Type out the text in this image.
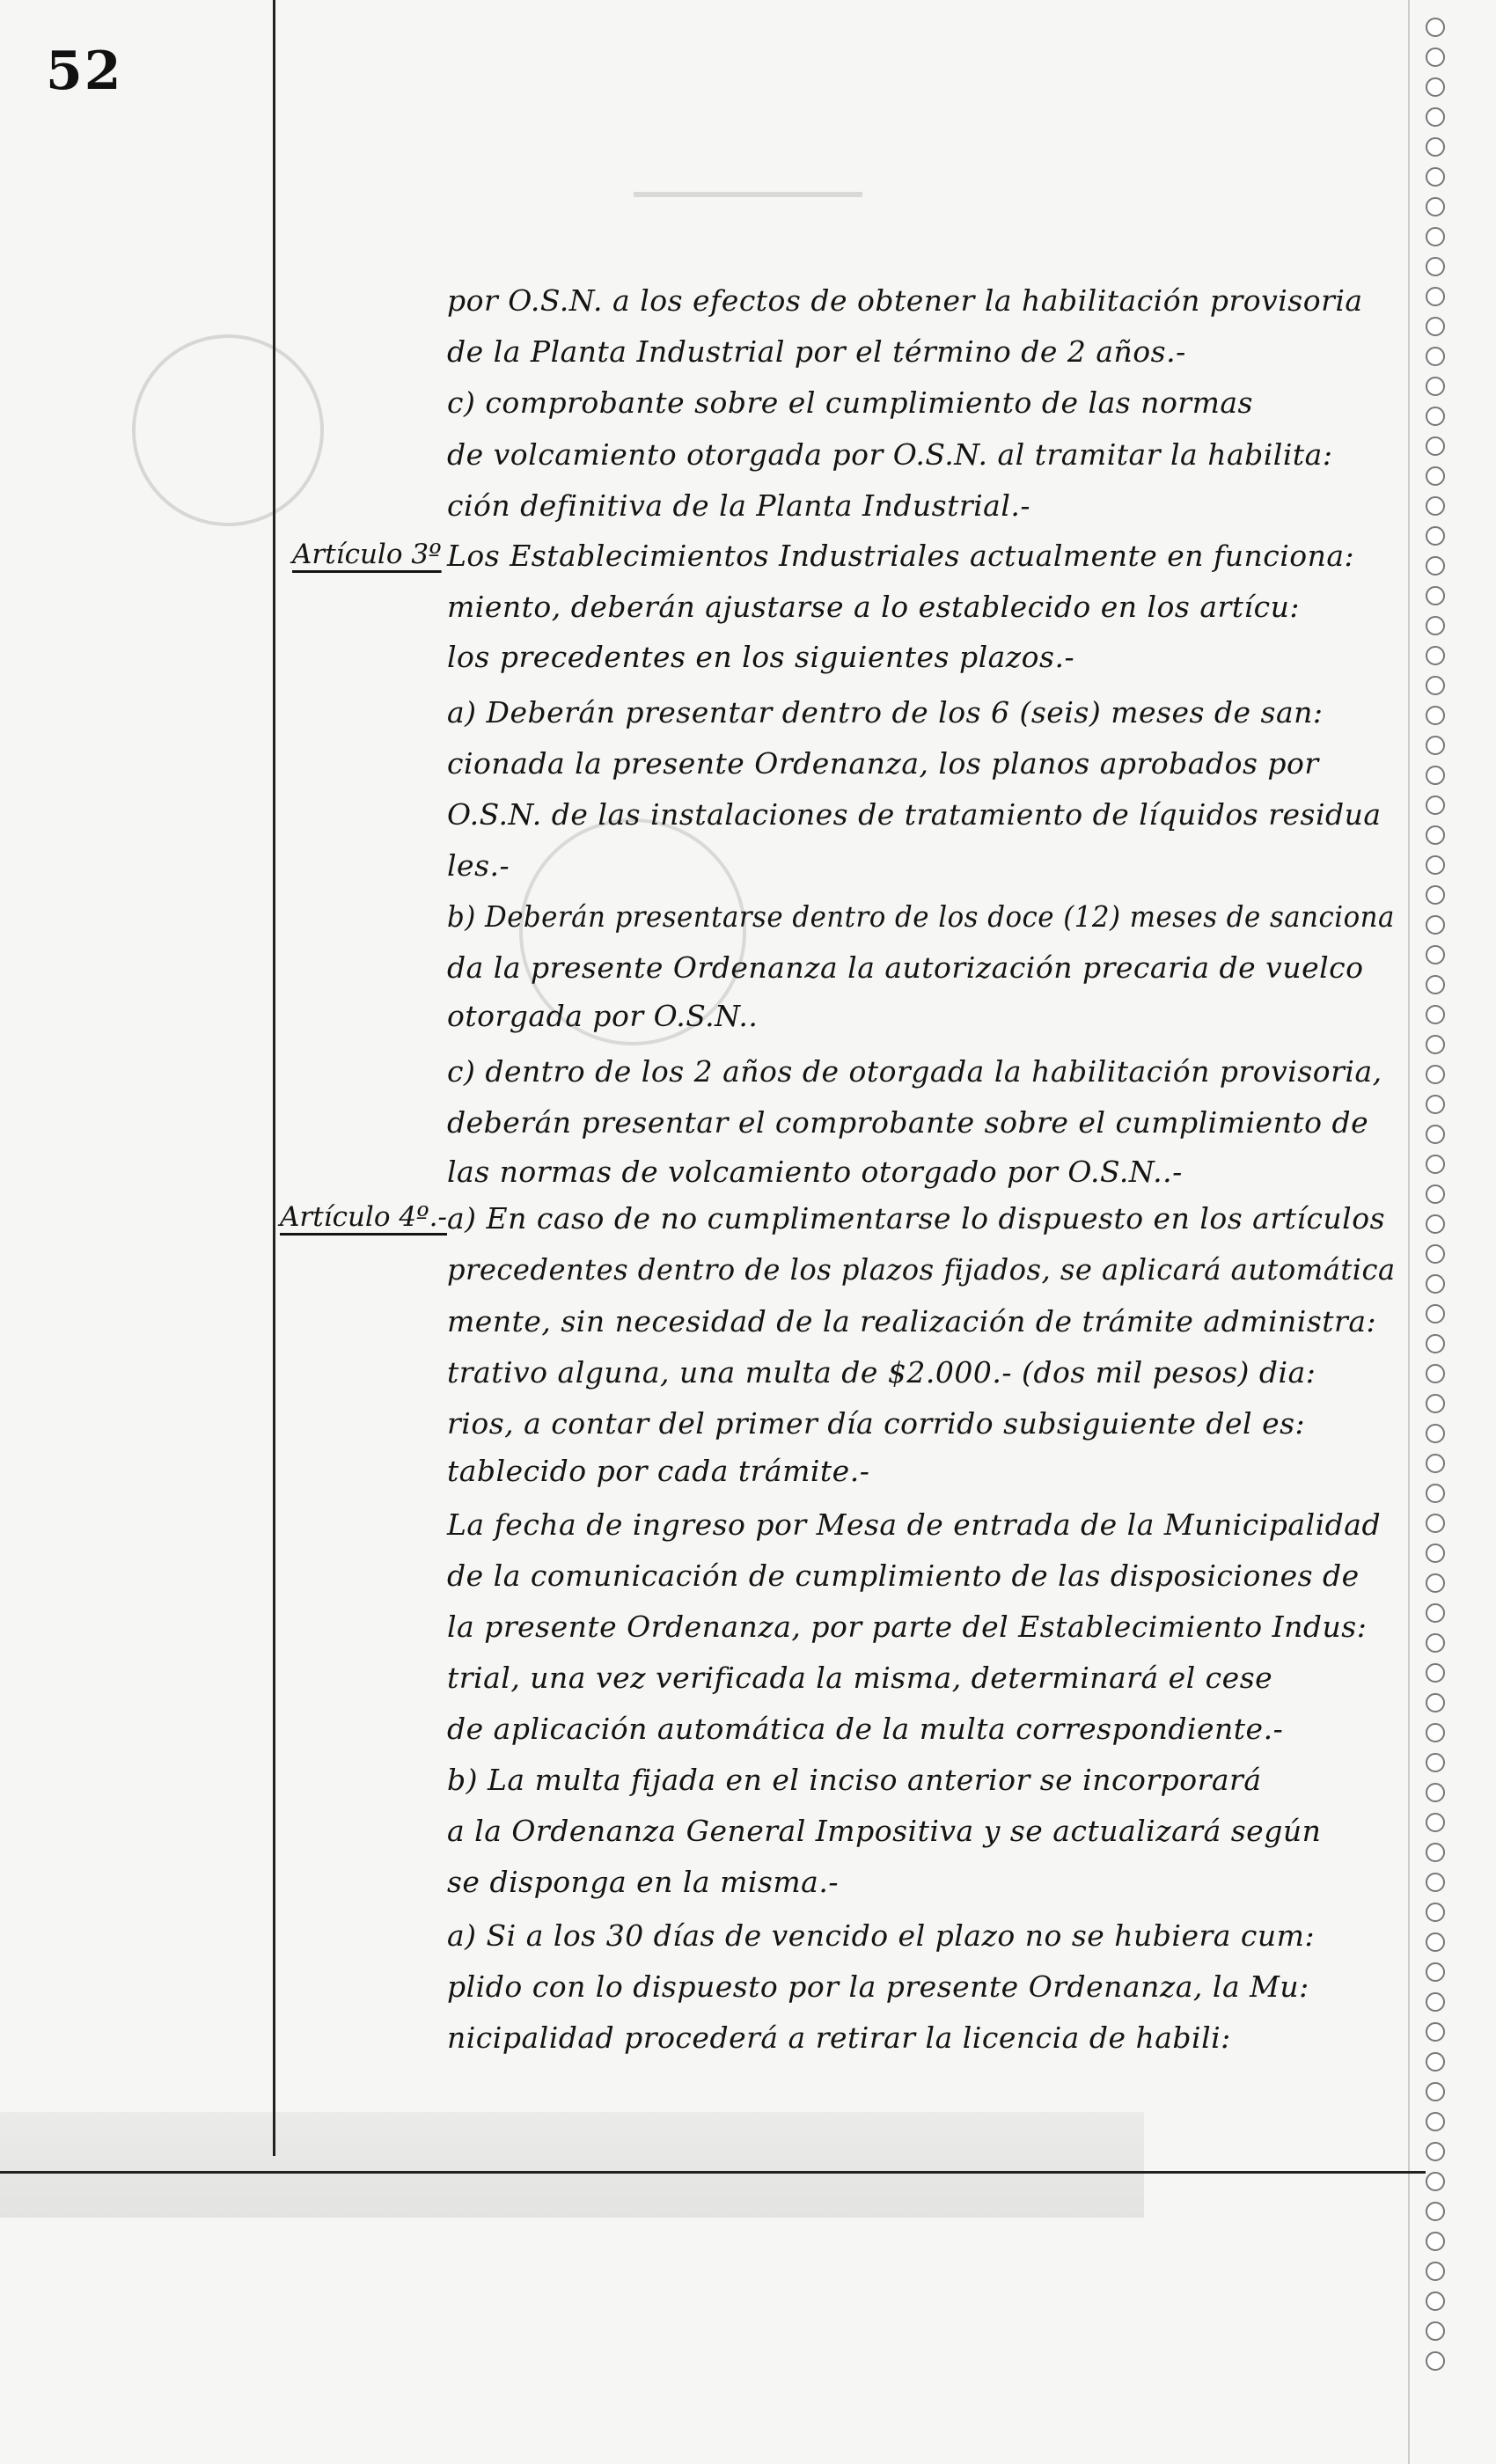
52
Artículo 3º
Artículo 4º.-
por O.S.N. a los efectos de obtener la habilitación provisoria
de la Planta Industrial por el término de 2 años.-
c) comprobante sobre el cumplimiento de las normas
de volcamiento otorgada por O.S.N. al tramitar la habilita:
ción definitiva de la Planta Industrial.-
Los Establecimientos Industriales actualmente en funciona:
miento, deberán ajustarse a lo establecido en los artícu:
los precedentes en los siguientes plazos.-
a) Deberán presentar dentro de los 6 (seis) meses de san:
cionada la presente Ordenanza, los planos aprobados por
O.S.N. de las instalaciones de tratamiento de líquidos residua
les.-
b) Deberán presentarse dentro de los doce (12) meses de sanciona
da la presente Ordenanza la autorización precaria de vuelco
otorgada por O.S.N..
c) dentro de los 2 años de otorgada la habilitación provisoria,
deberán presentar el comprobante sobre el cumplimiento de
las normas de volcamiento otorgado por O.S.N..-
a) En caso de no cumplimentarse lo dispuesto en los artículos
precedentes dentro de los plazos fijados, se aplicará automática
mente, sin necesidad de la realización de trámite administra:
trativo alguna, una multa de $2.000.- (dos mil pesos) dia:
rios, a contar del primer día corrido subsiguiente del es:
tablecido por cada trámite.-
La fecha de ingreso por Mesa de entrada de la Municipalidad
de la comunicación de cumplimiento de las disposiciones de
la presente Ordenanza, por parte del Establecimiento Indus:
trial, una vez verificada la misma, determinará el cese
de aplicación automática de la multa correspondiente.-
b) La multa fijada en el inciso anterior se incorporará
a la Ordenanza General Impositiva y se actualizará según
se disponga en la misma.-
a) Si a los 30 días de vencido el plazo no se hubiera cum:
plido con lo dispuesto por la presente Ordenanza, la Mu:
nicipalidad procederá a retirar la licencia de habili:
